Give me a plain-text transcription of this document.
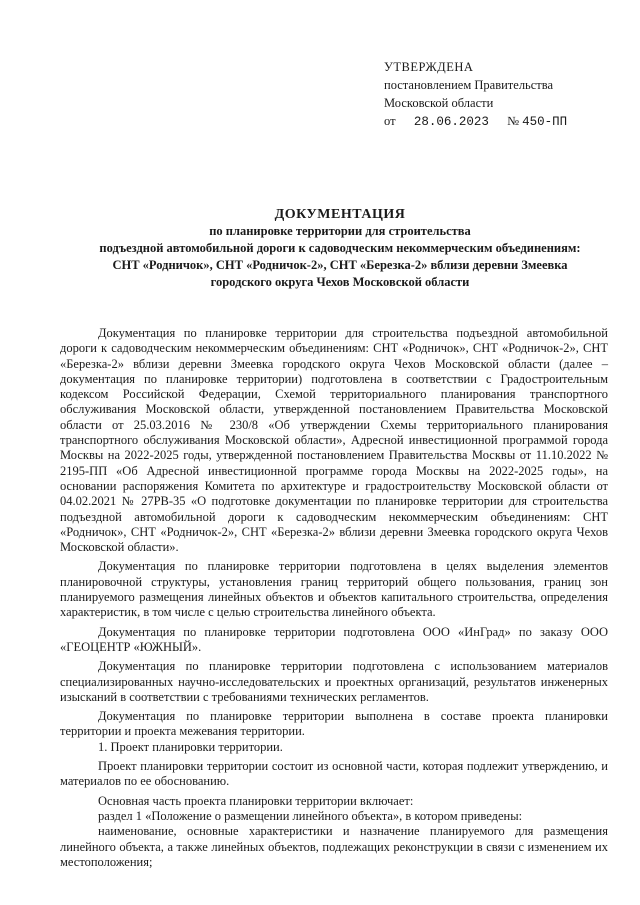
УТВЕРЖДЕНА
постановлением Правительства
Московской области
от 28.06.2023 № 450-ПП
ДОКУМЕНТАЦИЯ
по планировке территории для строительства
подъездной автомобильной дороги к садоводческим некоммерческим объединениям:
СНТ «Родничок», СНТ «Родничок-2», СНТ «Березка-2» вблизи деревни Змеевка
городского округа Чехов Московской области

Документация по планировке территории для строительства подъездной автомобильной дороги к садоводческим некоммерческим объединениям: СНТ «Родничок», СНТ «Родничок-2», СНТ «Березка-2» вблизи деревни Змеевка городского округа Чехов Московской области (далее – документация по планировке территории) подготовлена в соответствии с Градостроительным кодексом Российской Федерации, Схемой территориального планирования транспортного обслуживания Московской области, утвержденной постановлением Правительства Московской области от 25.03.2016 № 230/8 «Об утверждении Схемы территориального планирования транспортного обслуживания Московской области», Адресной инвестиционной программой города Москвы на 2022-2025 годы, утвержденной постановлением Правительства Москвы от 11.10.2022 № 2195-ПП «Об Адресной инвестиционной программе города Москвы на 2022-2025 годы», на основании распоряжения Комитета по архитектуре и градостроительству Московской области от 04.02.2021 № 27РВ-35 «О подготовке документации по планировке территории для строительства подъездной автомобильной дороги к садоводческим некоммерческим объединениям: СНТ «Родничок», СНТ «Родничок-2», СНТ «Березка-2» вблизи деревни Змеевка городского округа Чехов Московской области».

Документация по планировке территории подготовлена в целях выделения элементов планировочной структуры, установления границ территорий общего пользования, границ зон планируемого размещения линейных объектов и объектов капитального строительства, определения характеристик, в том числе с целью строительства линейного объекта.

Документация по планировке территории подготовлена ООО «ИнГрад» по заказу ООО «ГЕОЦЕНТР «ЮЖНЫЙ».

Документация по планировке территории подготовлена с использованием материалов специализированных научно-исследовательских и проектных организаций, результатов инженерных изысканий в соответствии с требованиями технических регламентов.

Документация по планировке территории выполнена в составе проекта планировки территории и проекта межевания территории.

1. Проект планировки территории.

Проект планировки территории состоит из основной части, которая подлежит утверждению, и материалов по ее обоснованию.

Основная часть проекта планировки территории включает:

раздел 1 «Положение о размещении линейного объекта», в котором приведены:

наименование, основные характеристики и назначение планируемого для размещения линейного объекта, а также линейных объектов, подлежащих реконструкции в связи с изменением их местоположения;
